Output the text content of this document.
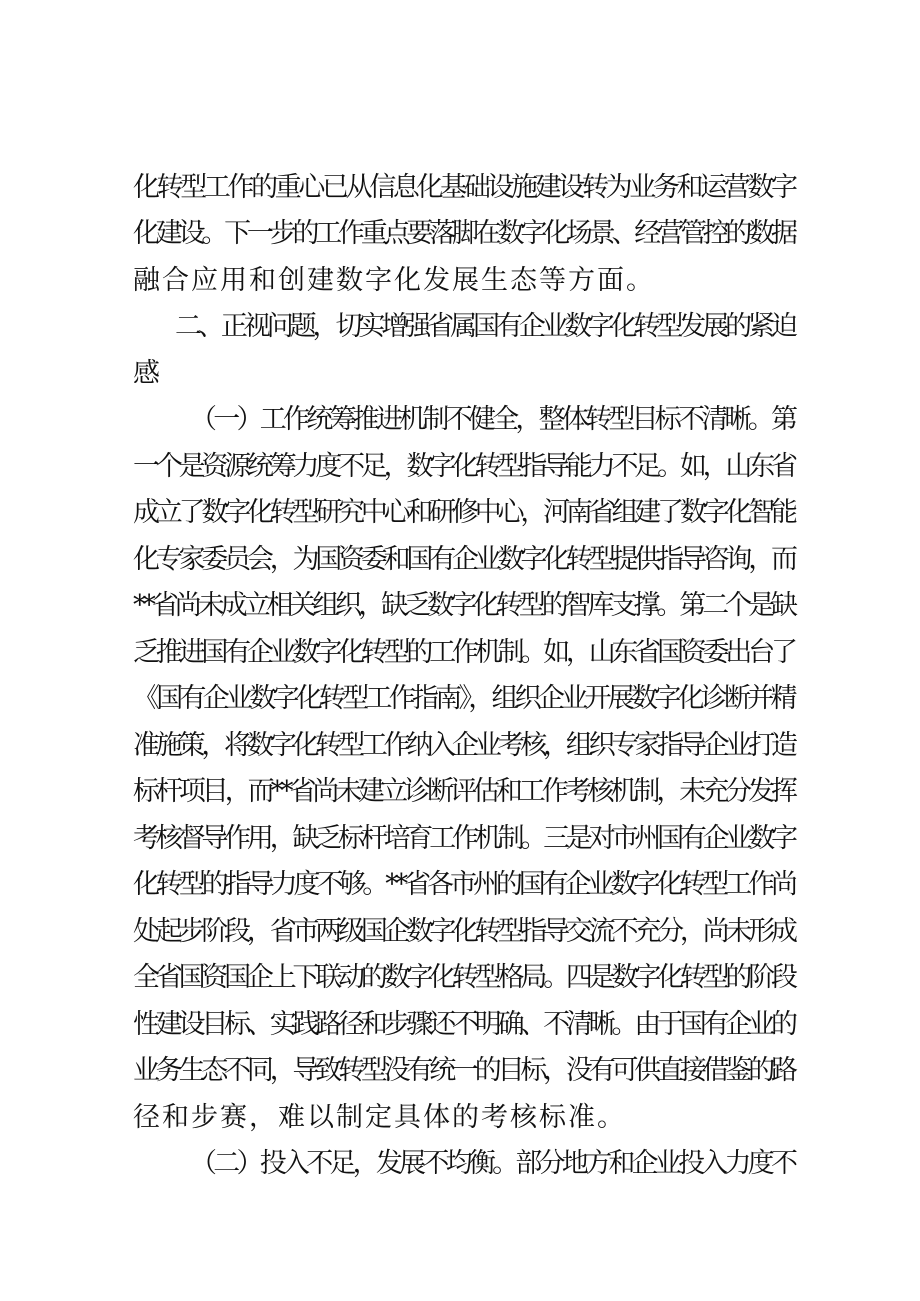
化转型工作的重心已从信息化基础设施建设转为业务和运营数字
化建设。下一步的工作重点要落脚在数字化场景、经营管控的数据
融合应用和创建数字化发展生态等方面。
二、正视问题，切实增强省属国有企业数字化转型发展的紧迫
感
（一）工作统筹推进机制不健全，整体转型目标不清晰。第
一个是资源统筹力度不足，数字化转型指导能力不足。如，山东省
成立了数字化转型研究中心和研修中心，河南省组建了数字化智能
化专家委员会，为国资委和国有企业数字化转型提供指导咨询，而
**省尚未成立相关组织，缺乏数字化转型的智库支撑。第二个是缺
乏推进国有企业数字化转型的工作机制。如，山东省国资委出台了
《国有企业数字化转型工作指南》，组织企业开展数字化诊断并精
准施策，将数字化转型工作纳入企业考核，组织专家指导企业打造
标杆项目，而**省尚未建立诊断评估和工作考核机制，未充分发挥
考核督导作用，缺乏标杆培育工作机制。三是对市州国有企业数字
化转型的指导力度不够。**省各市州的国有企业数字化转型工作尚
处起步阶段，省市两级国企数字化转型指导交流不充分，尚未形成
全省国资国企上下联动的数字化转型格局。四是数字化转型的阶段
性建设目标、实践路径和步骤还不明确、不清晰。由于国有企业的
业务生态不同，导致转型没有统一的目标，没有可供直接借鉴的路
径和步赛，难以制定具体的考核标准。
（二）投入不足，发展不均衡。部分地方和企业投入力度不
